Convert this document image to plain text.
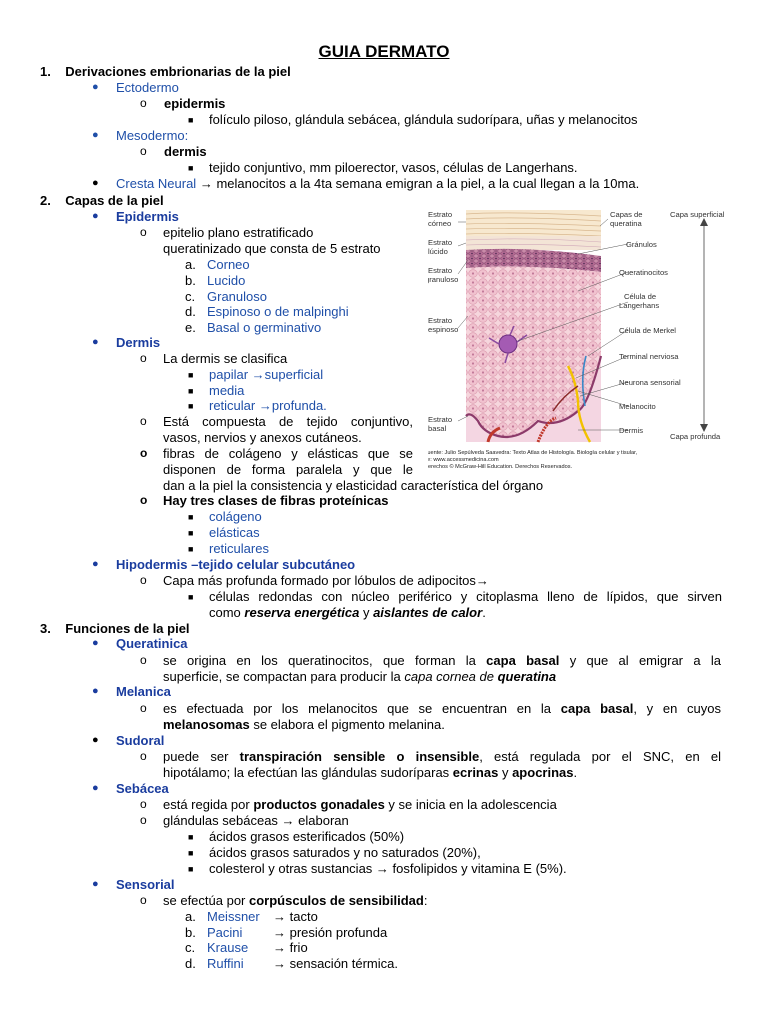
GUIA DERMATO
1. Derivaciones embrionarias de la piel
● Ectodermo
o epidermis
■ folículo piloso, glándula sebácea, glándula sudorípara, uñas y melanocitos
● Mesodermo:
o dermis
■ tejido conjuntivo, mm piloerector, vasos, células de Langerhans.
● Cresta Neural → melanocitos a la 4ta semana emigran a la piel, a la cual llegan a la 10ma.
2. Capas de la piel
● Epidermis
o epitelio plano estratificado
queratinizado que consta de 5 estrato
a. Corneo
b. Lucido
c. Granuloso
d. Espinoso o de malpinghi
e. Basal o germinativo
● Dermis
o La dermis se clasifica
■ papilar →superficial
■ media
■ reticular →profunda.
o Está compuesta de tejido conjuntivo,
vasos, nervios y anexos cutáneos.
o fibras de colágeno y elásticas que se
disponen de forma paralela y que le
dan a la piel la consistencia y elasticidad característica del órgano
o Hay tres clases de fibras proteínicas
■ colágeno
■ elásticas
■ reticulares
● Hipodermis –tejido celular subcutáneo
o Capa más profunda formado por lóbulos de adipocitos→
■ células redondas con núcleo periférico y citoplasma lleno de lípidos, que sirven
como reserva energética y aislantes de calor.
3. Funciones de la piel
● Queratinica
o se origina en los queratinocitos, que forman la capa basal y que al emigrar a la
superficie, se compactan para producir la capa cornea de queratina
● Melanica
o es efectuada por los melanocitos que se encuentran en la capa basal, y en cuyos
melanosomas se elabora el pigmento melanina.
● Sudoral
o puede ser transpiración sensible o insensible, está regulada por el SNC, en el
hipotálamo; la efectúan las glándulas sudoríparas ecrinas y apocrinas.
● Sebácea
o está regida por productos gonadales y se inicia en la adolescencia
o glándulas sebáceas → elaboran
■ ácidos grasos esterificados (50%)
■ ácidos grasos saturados y no saturados (20%),
■ colesterol y otras sustancias → fosfolipidos y vitamina E (5%).
● Sensorial
o se efectúa por corpúsculos de sensibilidad:
a. Meissner → tacto
b. Pacini → presión profunda
c. Krause → frio
d. Ruffini → sensación térmica.
Estrato
córneo
Estrato
lúcido
Estrato
granuloso
Estrato
espinoso
Estrato
basal
Capas de
queratina
Gránulos
Queratinocitos
Célula de
Langerhans
Célula de Merkel
Terminal nerviosa
Neurona sensorial
Melanocito
Dermis
Capa superficial
Capa profunda
Fuente: Julio Sepúlveda Saavedra: Texto Atlas de Histología. Biología celular y tisular,
2e: www.accessmedicina.com
Derechos © McGraw-Hill Education. Derechos Reservados.
